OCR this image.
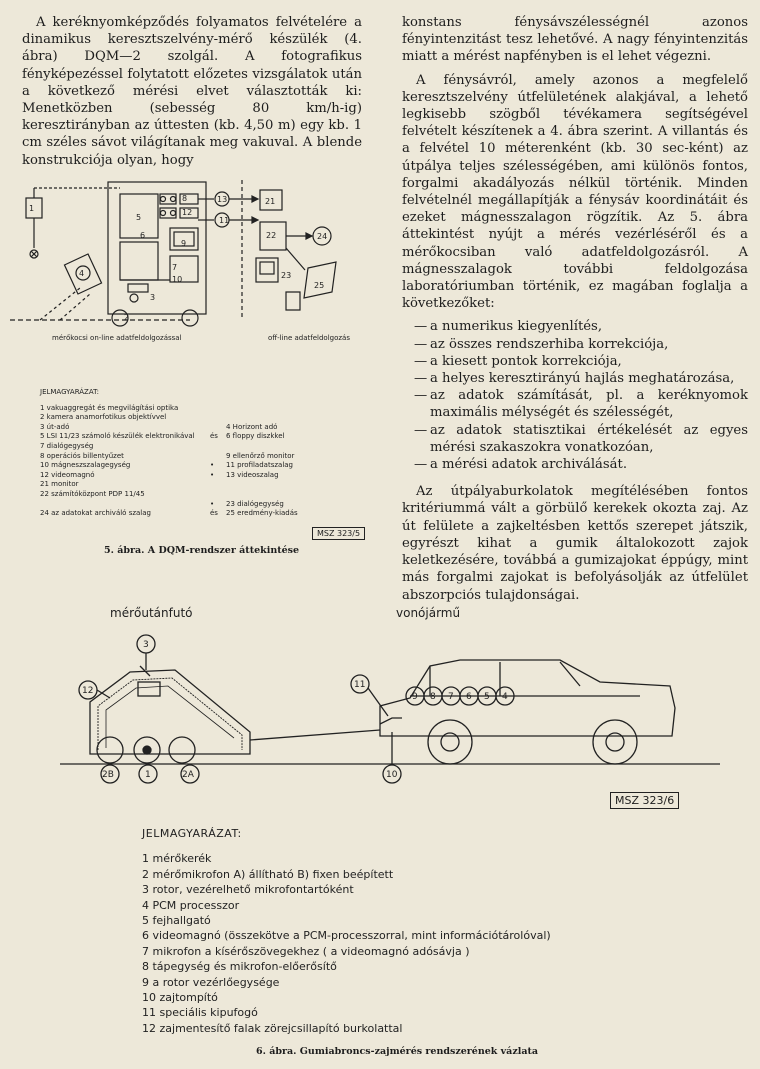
A keréknyomképződés folyamatos felvételére a dinamikus keresztszelvény-mérő készülék (4. ábra) DQM—2 szolgál. A fotografikus fényképezéssel folytatott előzetes vizsgálatok után a következő mérési elvet választották ki: Menetközben (sebesség 80 km/h-ig) keresztirányban az úttesten (kb. 4,50 m) egy kb. 1 cm széles sávot világítanak meg vakuval. A blende konstrukciója olyan, hogy

konstans fénysávszélességnél azonos fényintenzitást tesz lehetővé. A nagy fényintenzitás miatt a mérést napfényben is el lehet végezni.

A fénysávról, amely azonos a megfelelő keresztszelvény útfelületének alakjával, a lehető legkisebb szögből tévékamera segítségével felvételt készítenek a 4. ábra szerint. A villantás és a felvétel 10 méterenként (kb. 30 sec-ként) az útpálya teljes szélességében, ami különös fontos, forgalmi akadályozás nélkül történik. Minden felvételnél megállapítják a fénysáv koordinátáit és ezeket mágnesszalagon rögzítik. Az 5. ábra áttekintést nyújt a mérés vezérléséről és a mérőkocsiban való adatfeldolgozásról. A mágnesszalagok további feldolgozása laboratóriumban történik, ez magában foglalja a következőket:

— a numerikus kiegyenlítés,
— az összes rendszerhiba korrekciója,
— a kiesett pontok korrekciója,
— a helyes keresztirányú hajlás meghatározása,
— az adatok számítását, pl. a keréknyomok maximális mélységét és szélességét,
— az adatok statisztikai értékelését az egyes mérési szakaszokra vonatkozóan,
— a mérési adatok archiválását.

Az útpályaburkolatok megítélésében fontos kritériummá vált a görbülő kerekek okozta zaj. Az út felülete a zajkeltésben kettős szerepet játszik, egyrészt kihat a gumik általokozott zajok keletkezésére, továbbá a gumizajokat éppúgy, mint más forgalmi zajokat is befolyásolják az útfelület abszorpciós tulajdonságai.

1
4
5
6
12
8
9
7
10
2
3
13
11
21
22
23
24
25
mérőkocsi on-line adatfeldolgozással	off-line adatfeldolgozás
JELMAGYARÁZAT:
1 vakuaggregát és megvilágítási optika
2 kamera anamorfotikus objektívvel
3 út-adó	4 Horizont adó
5 LSI 11/23 számoló készülék elektronikával	és	6 floppy diszkkel
7 dialógegység
8 operációs billentyűzet	9 ellenőrző monitor
10 mágneszszalagegység	•	11 profiladatszalag
12 videomagnó	•	13 videoszalag
21 monitor
22 számítóközpont PDP 11/45
•	23 dialógegység
24 az adatokat archiváló szalag	és	25 eredmény-kiadás
MSZ 323/5
5. ábra. A DQM-rendszer áttekintése
mérőutánfutó	vonójármű
3
12
11
9 8 7 6 5 4
2B	1	2A	10
MSZ 323/6
JELMAGYARÁZAT:
1 mérőkerék
2 mérőmikrofon A) állítható B) fixen beépített
3 rotor, vezérelhető mikrofontartóként
4 PCM processzor
5 fejhallgató
6 videomagnó (összekötve a PCM-processzorral, mint információtárolóval)
7 mikrofon a kísérőszövegekhez ( a videomagnó adósávja )
8 tápegység és mikrofon-előerősítő
9 a rotor vezérlőegysége
10 zajtompító
11 speciális kipufogó
12 zajmentesítő falak zörejcsillapító burkolattal
6. ábra. Gumiabroncs-zajmérés rendszerének vázlata
